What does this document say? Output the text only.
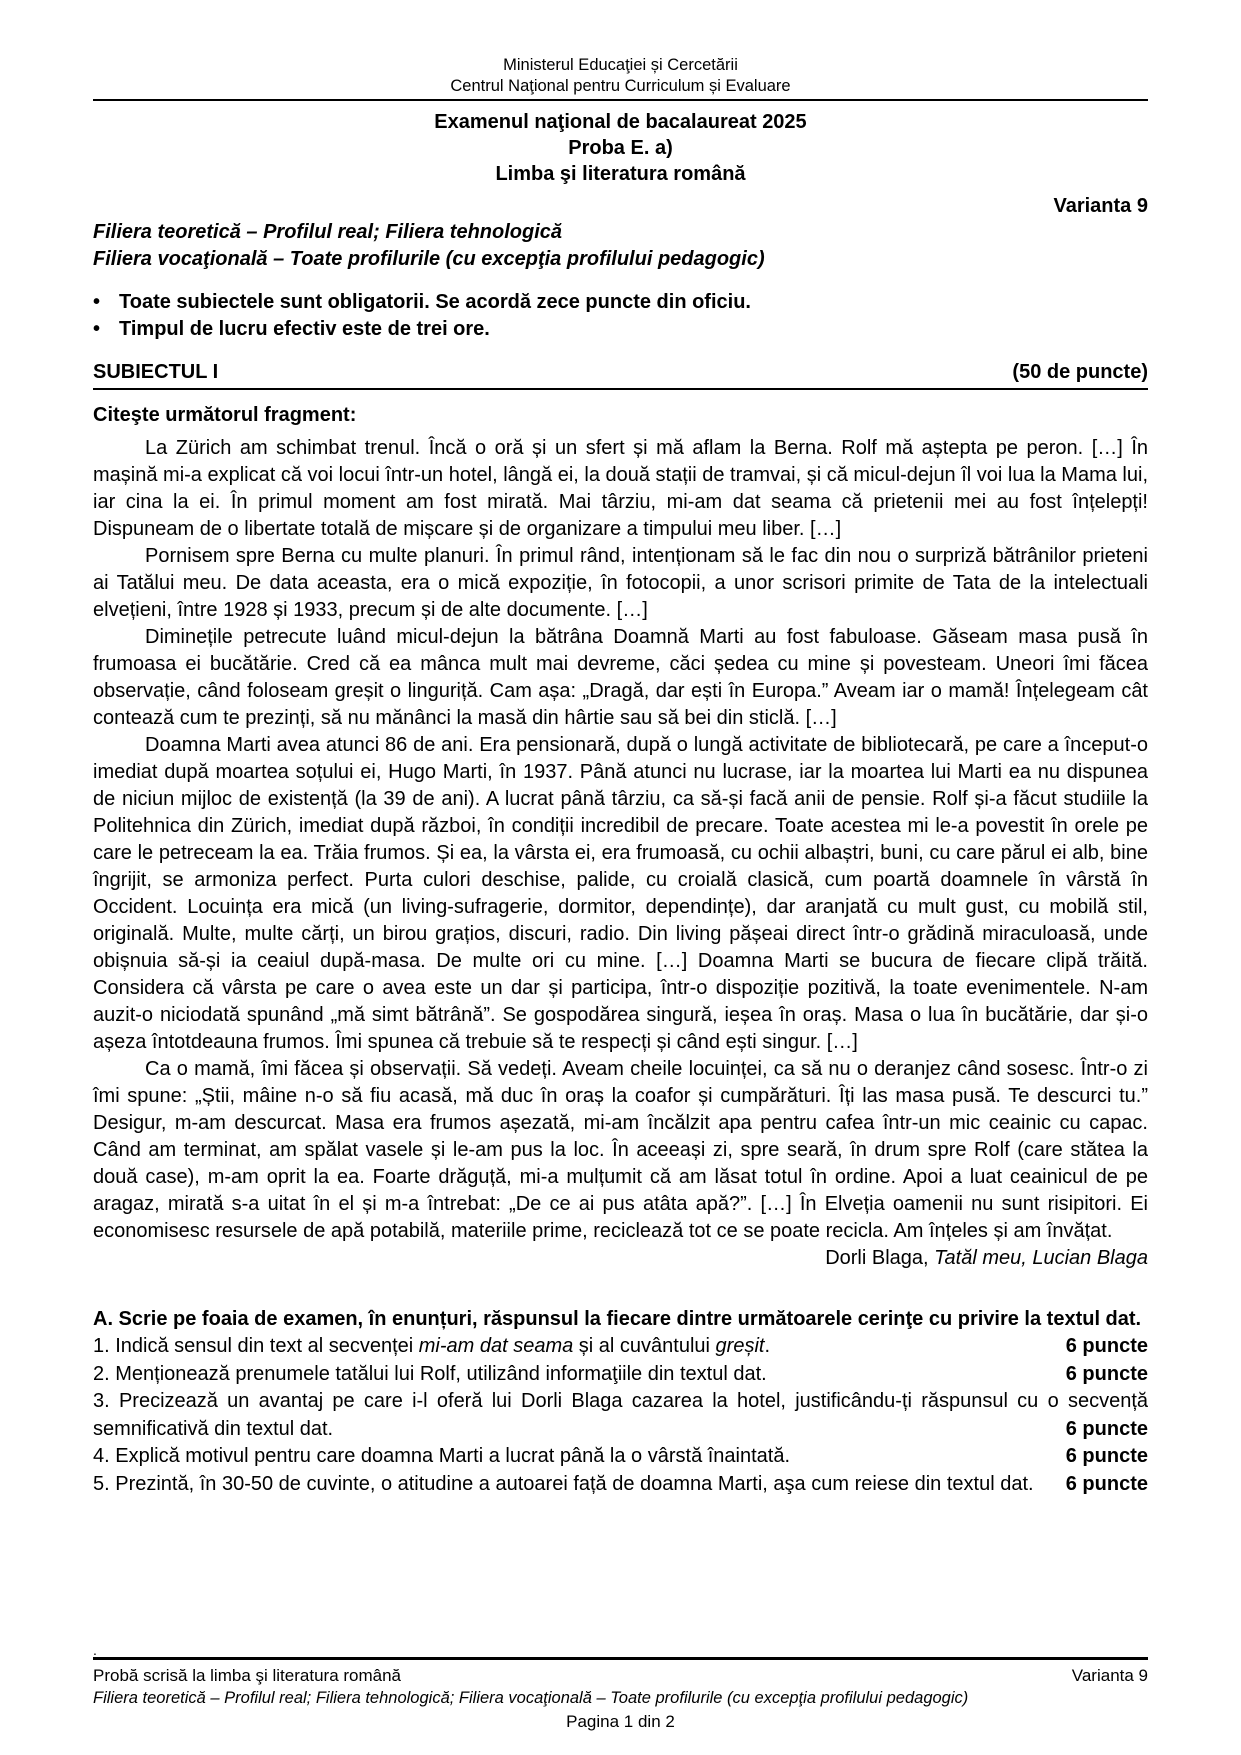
Ministerul Educaţiei și Cercetării
Centrul Naţional pentru Curriculum și Evaluare
Examenul naţional de bacalaureat 2025
Proba E. a)
Limba şi literatura română
Varianta 9
Filiera teoretică – Profilul real; Filiera tehnologică
Filiera vocaţională – Toate profilurile (cu excepţia profilului pedagogic)
• Toate subiectele sunt obligatorii. Se acordă zece puncte din oficiu.
• Timpul de lucru efectiv este de trei ore.
SUBIECTUL I	(50 de puncte)
Citeşte următorul fragment:

La Zürich am schimbat trenul. Încă o oră și un sfert și mă aflam la Berna. Rolf mă aștepta pe peron. […] În mașină mi-a explicat că voi locui într-un hotel, lângă ei, la două stații de tramvai, și că micul-dejun îl voi lua la Mama lui, iar cina la ei. În primul moment am fost mirată. Mai târziu, mi-am dat seama că prietenii mei au fost înțelepți! Dispuneam de o libertate totală de mișcare și de organizare a timpului meu liber. […]

Pornisem spre Berna cu multe planuri. În primul rând, intenționam să le fac din nou o surpriză bătrânilor prieteni ai Tatălui meu. De data aceasta, era o mică expoziție, în fotocopii, a unor scrisori primite de Tata de la intelectuali elvețieni, între 1928 și 1933, precum și de alte documente. […]

Diminețile petrecute luând micul-dejun la bătrâna Doamnă Marti au fost fabuloase. Găseam masa pusă în frumoasa ei bucătărie. Cred că ea mânca mult mai devreme, căci ședea cu mine și povesteam. Uneori îmi făcea observație, când foloseam greșit o linguriță. Cam așa: „Dragă, dar ești în Europa.” Aveam iar o mamă! Înțelegeam cât contează cum te prezinți, să nu mănânci la masă din hârtie sau să bei din sticlă. […]

Doamna Marti avea atunci 86 de ani. Era pensionară, după o lungă activitate de bibliotecară, pe care a început-o imediat după moartea soțului ei, Hugo Marti, în 1937. Până atunci nu lucrase, iar la moartea lui Marti ea nu dispunea de niciun mijloc de existență (la 39 de ani). A lucrat până târziu, ca să-și facă anii de pensie. Rolf și-a făcut studiile la Politehnica din Zürich, imediat după război, în condiții incredibil de precare. Toate acestea mi le-a povestit în orele pe care le petreceam la ea. Trăia frumos. Și ea, la vârsta ei, era frumoasă, cu ochii albaștri, buni, cu care părul ei alb, bine îngrijit, se armoniza perfect. Purta culori deschise, palide, cu croială clasică, cum poartă doamnele în vârstă în Occident. Locuința era mică (un living-sufragerie, dormitor, dependințe), dar aranjată cu mult gust, cu mobilă stil, originală. Multe, multe cărți, un birou grațios, discuri, radio. Din living pășeai direct într-o grădină miraculoasă, unde obișnuia să-și ia ceaiul după-masa. De multe ori cu mine. […] Doamna Marti se bucura de fiecare clipă trăită. Considera că vârsta pe care o avea este un dar și participa, într-o dispoziție pozitivă, la toate evenimentele. N-am auzit-o niciodată spunând „mă simt bătrână”. Se gospodărea singură, ieșea în oraș. Masa o lua în bucătărie, dar și-o așeza întotdeauna frumos. Îmi spunea că trebuie să te respecți și când ești singur. […]

Ca o mamă, îmi făcea și observații. Să vedeți. Aveam cheile locuinței, ca să nu o deranjez când sosesc. Într-o zi îmi spune: „Știi, mâine n-o să fiu acasă, mă duc în oraș la coafor și cumpărături. Îți las masa pusă. Te descurci tu.” Desigur, m-am descurcat. Masa era frumos așezată, mi-am încălzit apa pentru cafea într-un mic ceainic cu capac. Când am terminat, am spălat vasele și le-am pus la loc. În aceeași zi, spre seară, în drum spre Rolf (care stătea la două case), m-am oprit la ea. Foarte drăguță, mi-a mulțumit că am lăsat totul în ordine. Apoi a luat ceainicul de pe aragaz, mirată s-a uitat în el și m-a întrebat: „De ce ai pus atâta apă?”. […] În Elveția oamenii nu sunt risipitori. Ei economisesc resursele de apă potabilă, materiile prime, reciclează tot ce se poate recicla. Am înțeles și am învățat.

Dorli Blaga, Tatăl meu, Lucian Blaga
A. Scrie pe foaia de examen, în enunțuri, răspunsul la fiecare dintre următoarele cerinţe cu privire la textul dat.

1. Indică sensul din text al secvenței mi-am dat seama și al cuvântului greșit.	6 puncte

2. Menționează prenumele tatălui lui Rolf, utilizând informaţiile din textul dat.	6 puncte

3. Precizează un avantaj pe care i-l oferă lui Dorli Blaga cazarea la hotel, justificându-ți răspunsul cu o secvență semnificativă din textul dat.	6 puncte

4. Explică motivul pentru care doamna Marti a lucrat până la o vârstă înaintată.	6 puncte

5. Prezintă, în 30-50 de cuvinte, o atitudine a autoarei față de doamna Marti, aşa cum reiese din textul dat. 6 puncte

.
Probă scrisă la limba şi literatura română	Varianta 9
Filiera teoretică – Profilul real; Filiera tehnologică; Filiera vocaţională – Toate profilurile (cu excepţia profilului pedagogic)
Pagina 1 din 2
